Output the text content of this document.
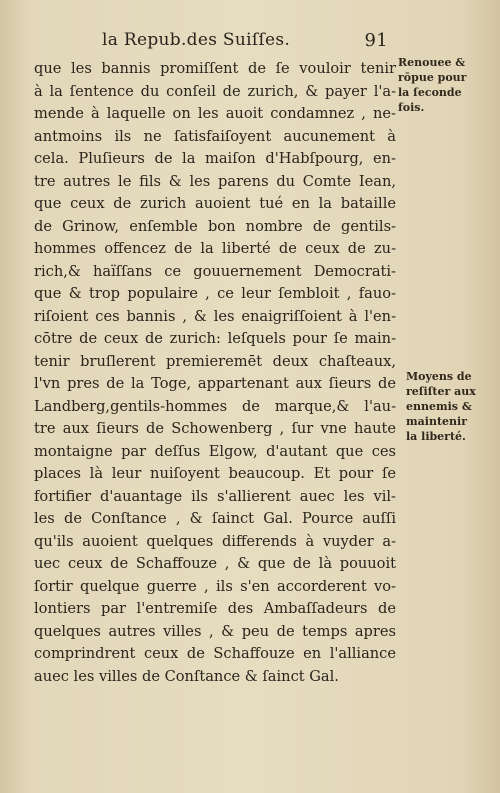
la Repub.des Suiſſes.	91
que les bannis promiſſent de ſe vouloir tenir
à la ſentence du conſeil de zurich, & payer l'a-
mende à laquelle on les auoit condamnez , ne-
antmoins ils ne ſatisfaiſoyent aucunement à
cela. Pluſieurs de la maiſon d'Habſpourg, en-
tre autres le fils & les parens du Comte Iean,
que ceux de zurich auoient tué en la bataille
de Grinow, enſemble bon nombre de gentils-
hommes offencez de la liberté de ceux de zu-
rich,& haïſſans ce gouuernement Democrati-
que & trop populaire , ce leur ſembloit , fauo-
riſoient ces bannis , & les enaigriſſoient à l'en-
cōtre de ceux de zurich: leſquels pour ſe main-
tenir bruſlerent premieremēt deux chaſteaux,
l'vn pres de la Toge, appartenant aux ſieurs de
Landberg,gentils-hommes de marque,& l'au-
tre aux ſieurs de Schowenberg , ſur vne haute
montaigne par deſſus Elgow, d'autant que ces
places là leur nuiſoyent beaucoup. Et pour ſe
fortifier d'auantage ils s'allierent auec les vil-
les de Conſtance , & ſainct Gal. Pource auſſi
qu'ils auoient quelques differends à vuyder a-
uec ceux de Schaffouze , & que de là pouuoit
ſortir quelque guerre , ils s'en accorderent vo-
lontiers par l'entremiſe des Ambaſſadeurs de
quelques autres villes , & peu de temps apres
comprindrent ceux de Schaffouze en l'alliance
auec les villes de Conſtance & ſainct Gal.
Renouee &
rōpue pour
la ſeconde
fois.
Moyens de
reſiſter aux
ennemis &
maintenir
la liberté.
